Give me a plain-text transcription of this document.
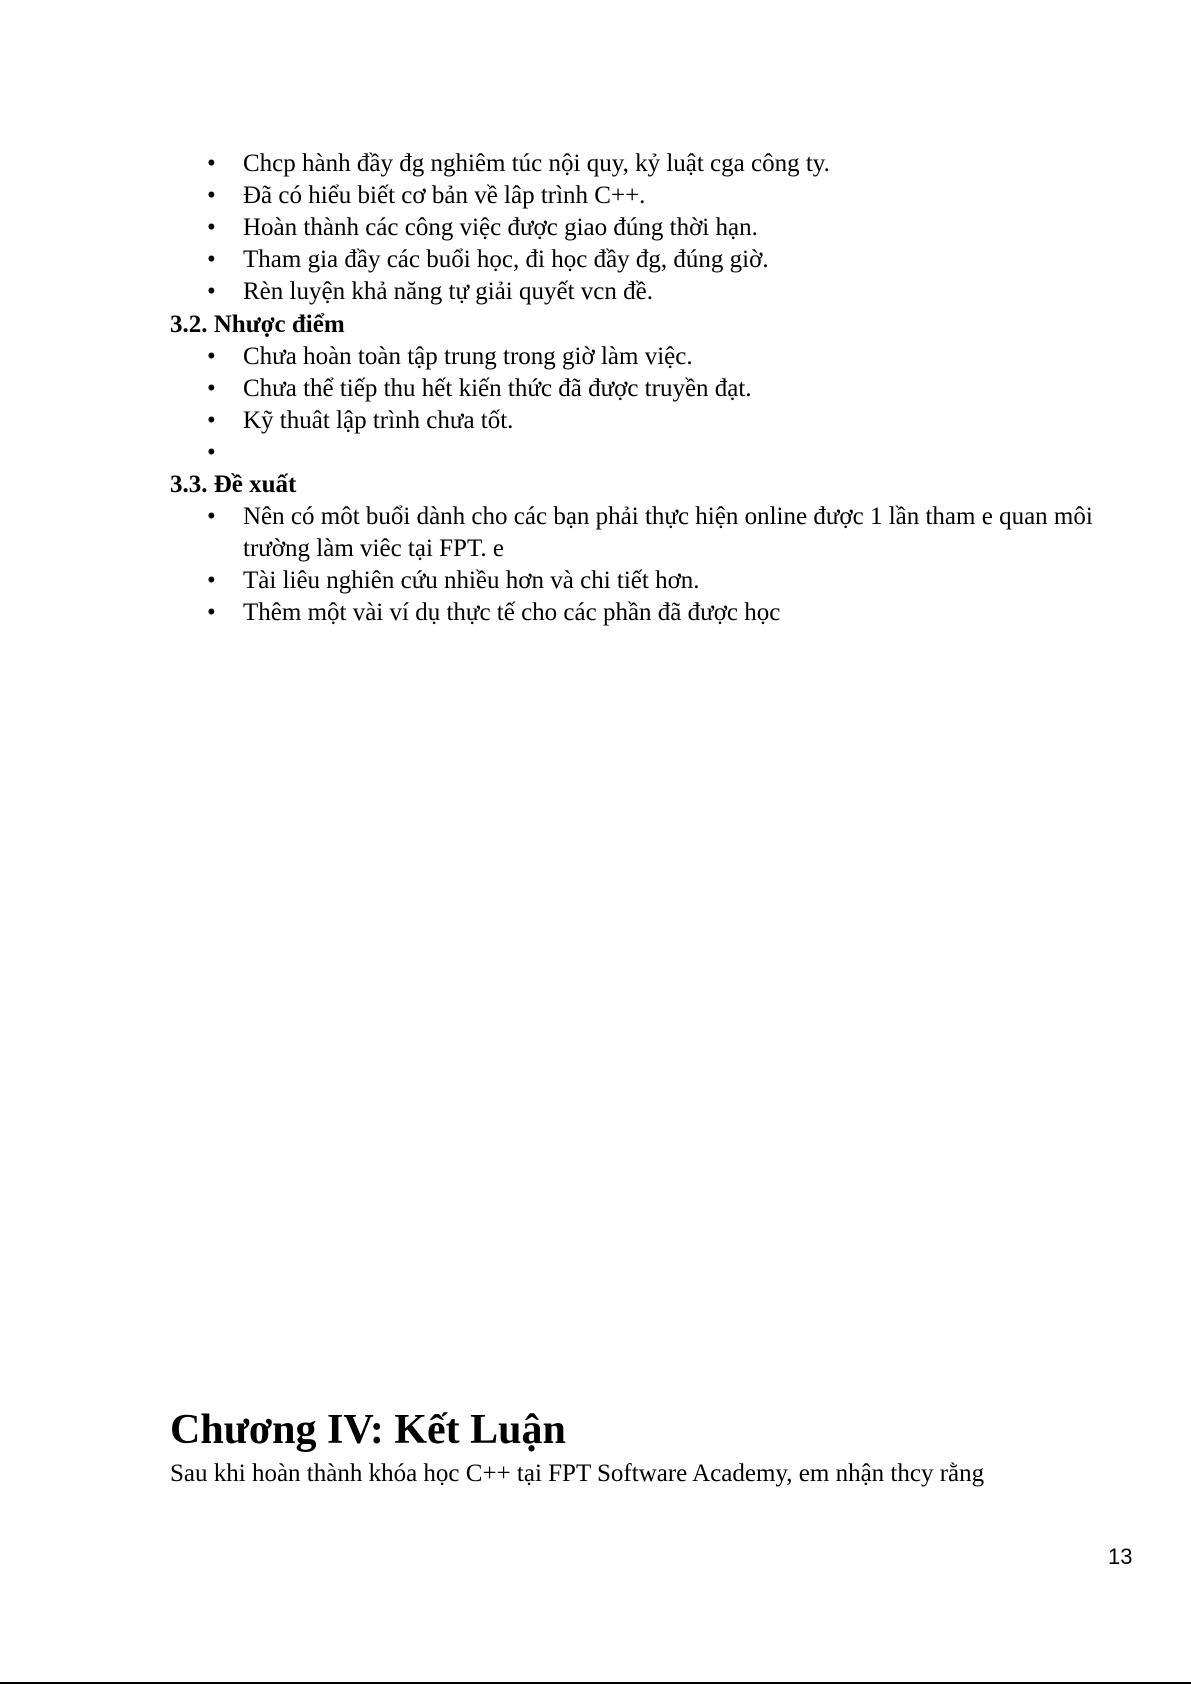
• Chcp hành đầy đg nghiêm túc nội quy, kỷ luật cga công ty.
• Đã có hiểu biết cơ bản về lâp trình C++.
• Hoàn thành các công việc được giao đúng thời hạn.
• Tham gia đầy các buổi học, đi học đầy đg, đúng giờ.
• Rèn luyện khả năng tự giải quyết vcn đề.
3.2. Nhược điểm
• Chưa hoàn toàn tập trung trong giờ làm việc.
• Chưa thể tiếp thu hết kiến thức đã được truyền đạt.
• Kỹ thuât lập trình chưa tốt.
•
3.3. Đề xuất
• Nên có môt buổi dành cho các bạn phải thực hiện online được 1 lần tham e quan môi trường làm viêc tại FPT. e
• Tài liêu nghiên cứu nhiều hơn và chi tiết hơn.
• Thêm một vài ví dụ thực tế cho các phần đã được học
Chương IV: Kết Luận

Sau khi hoàn thành khóa học C++ tại FPT Software Academy, em nhận thcy rằng

13
